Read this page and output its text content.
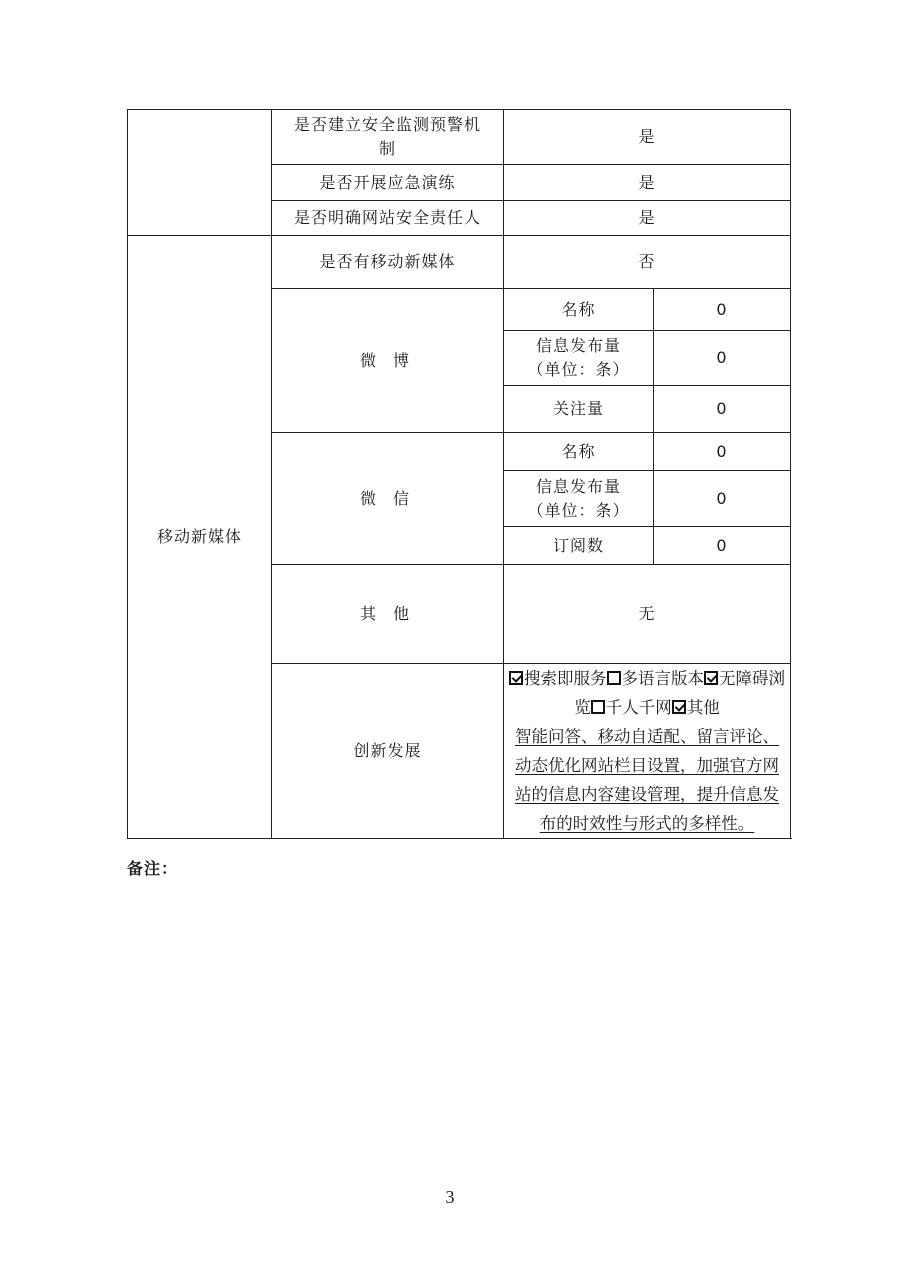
	是否建立安全监测预警机制	是	
	是否开展应急演练	是	
	是否明确网站安全责任人	是	
移动新媒体	是否有移动新媒体	否	
	微 博	名称	0
		信息发布量（单位：条）	0
		关注量	0
	微 信	名称	0
		信息发布量（单位：条）	0
		订阅数	0
	其 他	无	
	创新发展	搜索即服务 多语言版本 无障碍浏览 千人千网 其他
智能问答、移动自适配、留言评论、动态优化网站栏目设置，加强官方网站的信息内容建设管理，提升信息发布的时效性与形式的多样性。	
备注：
3
